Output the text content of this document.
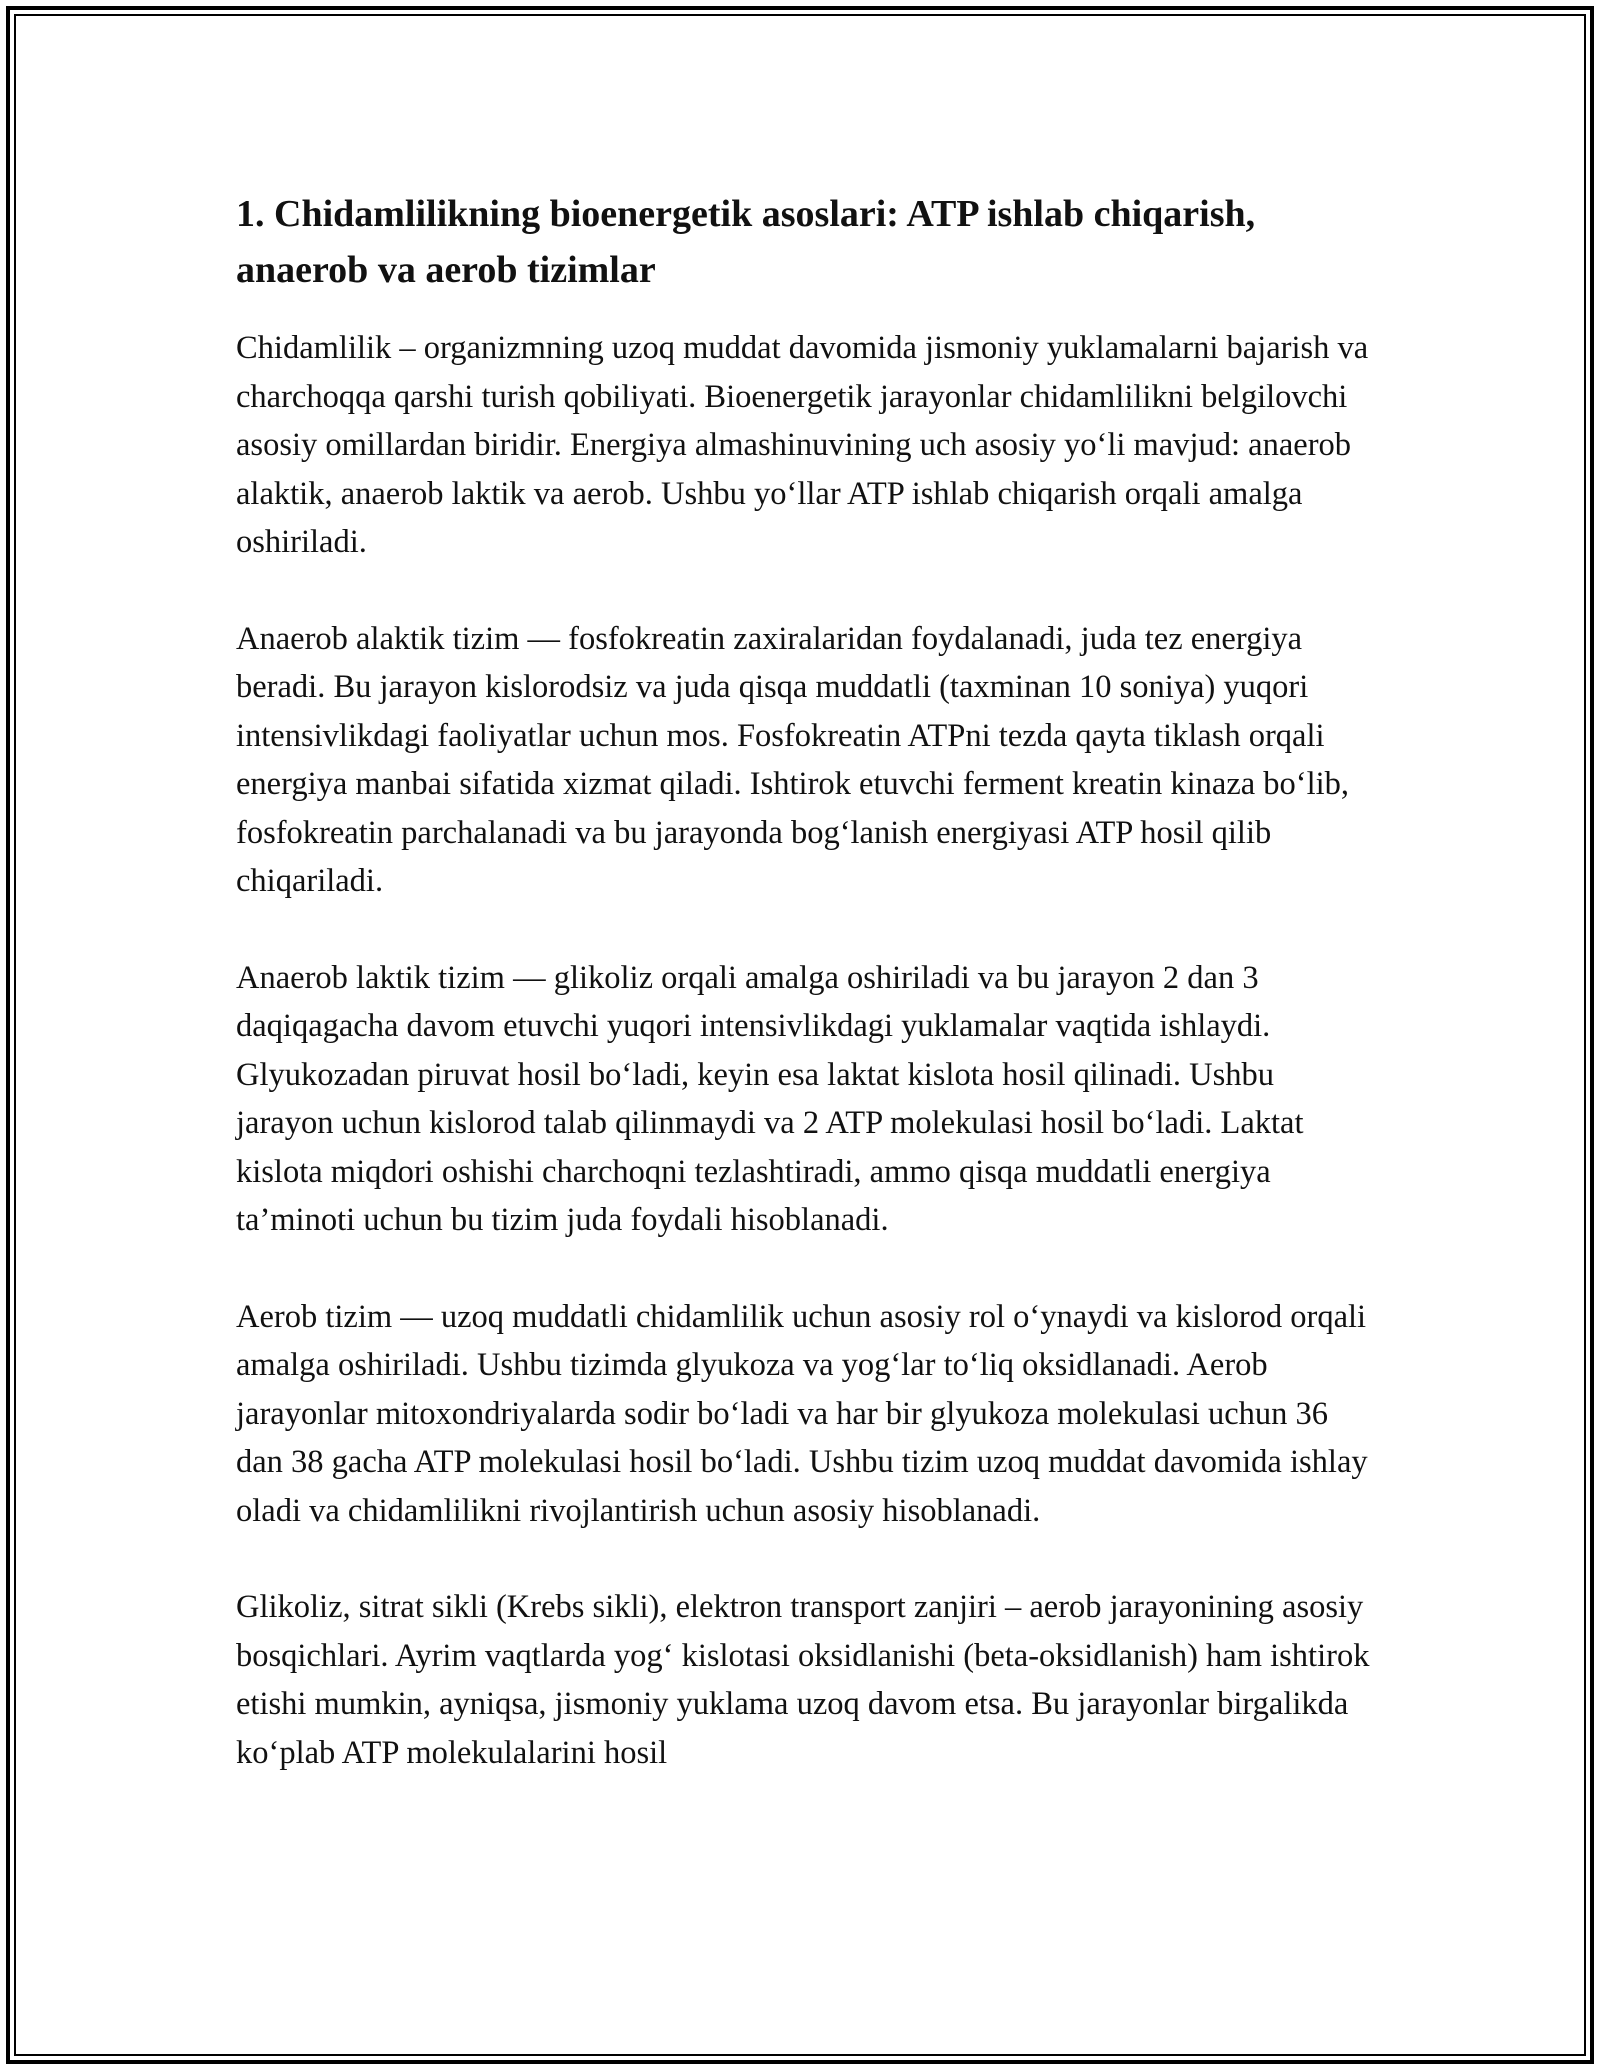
1. Chidamlilikning bioenergetik asoslari: ATP ishlab chiqarish, anaerob va aerob tizimlar

Chidamlilik – organizmning uzoq muddat davomida jismoniy yuklamalarni bajarish va charchoqqa qarshi turish qobiliyati. Bioenergetik jarayonlar chidamlilikni belgilovchi asosiy omillardan biridir. Energiya almashinuvining uch asosiy yo‘li mavjud: anaerob alaktik, anaerob laktik va aerob. Ushbu yo‘llar ATP ishlab chiqarish orqali amalga oshiriladi.

Anaerob alaktik tizim — fosfokreatin zaxiralaridan foydalanadi, juda tez energiya beradi. Bu jarayon kislorodsiz va juda qisqa muddatli (taxminan 10 soniya) yuqori intensivlikdagi faoliyatlar uchun mos. Fosfokreatin ATPni tezda qayta tiklash orqali energiya manbai sifatida xizmat qiladi. Ishtirok etuvchi ferment kreatin kinaza bo‘lib, fosfokreatin parchalanadi va bu jarayonda bog‘lanish energiyasi ATP hosil qilib chiqariladi.

Anaerob laktik tizim — glikoliz orqali amalga oshiriladi va bu jarayon 2 dan 3 daqiqagacha davom etuvchi yuqori intensivlikdagi yuklamalar vaqtida ishlaydi. Glyukozadan piruvat hosil bo‘ladi, keyin esa laktat kislota hosil qilinadi. Ushbu jarayon uchun kislorod talab qilinmaydi va 2 ATP molekulasi hosil bo‘ladi. Laktat kislota miqdori oshishi charchoqni tezlashtiradi, ammo qisqa muddatli energiya ta’minoti uchun bu tizim juda foydali hisoblanadi.

Aerob tizim — uzoq muddatli chidamlilik uchun asosiy rol o‘ynaydi va kislorod orqali amalga oshiriladi. Ushbu tizimda glyukoza va yog‘lar to‘liq oksidlanadi. Aerob jarayonlar mitoxondriyalarda sodir bo‘ladi va har bir glyukoza molekulasi uchun 36 dan 38 gacha ATP molekulasi hosil bo‘ladi. Ushbu tizim uzoq muddat davomida ishlay oladi va chidamlilikni rivojlantirish uchun asosiy hisoblanadi.

Glikoliz, sitrat sikli (Krebs sikli), elektron transport zanjiri – aerob jarayonining asosiy bosqichlari. Ayrim vaqtlarda yog‘ kislotasi oksidlanishi (beta-oksidlanish) ham ishtirok etishi mumkin, ayniqsa, jismoniy yuklama uzoq davom etsa. Bu jarayonlar birgalikda ko‘plab ATP molekulalarini hosil
